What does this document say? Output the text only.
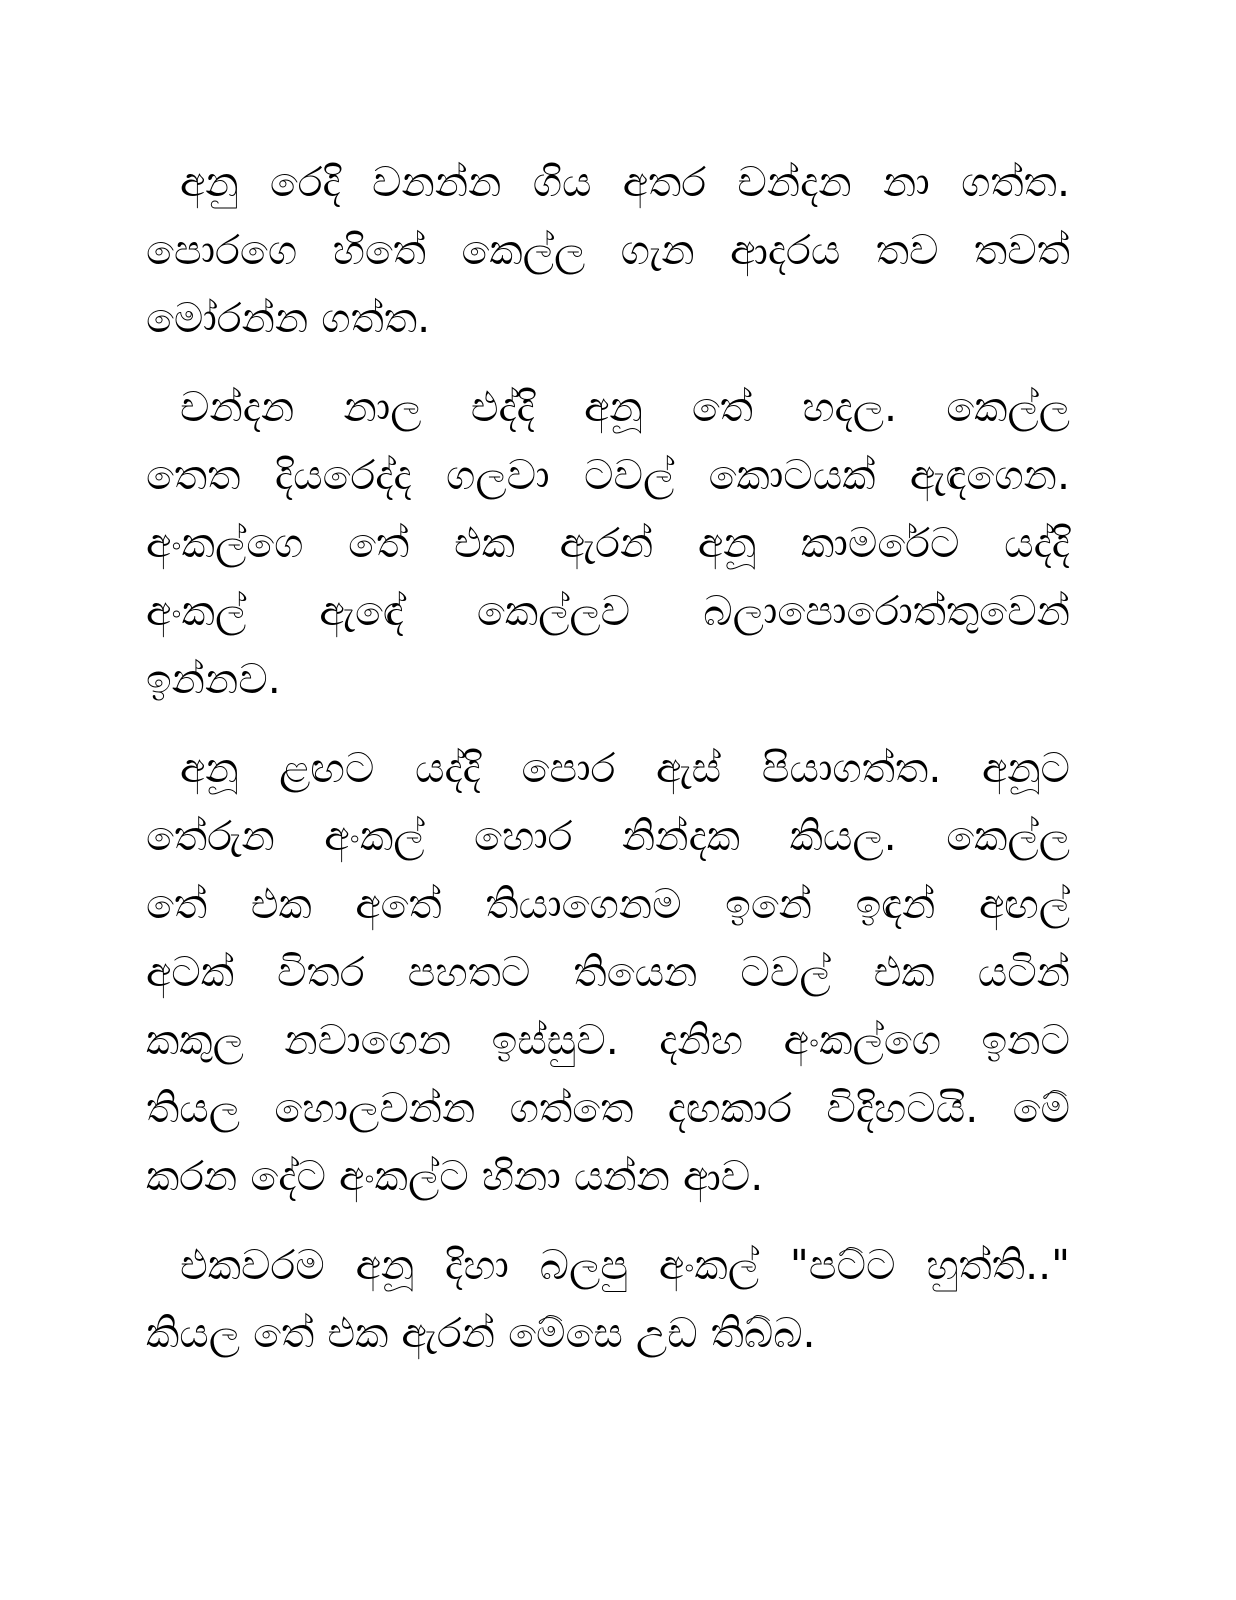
අනු රෙදි වනන්න ගිය අතර චන්දන නා ගත්ත.
පොරගෙ හිතේ කෙල්ල ගැන ආදරය තව තවත්
මෝරන්න ගත්ත.
චන්දන නාල එද්දි අනූ තේ හදල. කෙල්ල
තෙත දියරෙද්ද ගලවා ටවල් කොටයක් ඇඳගෙන.
අංකල්ගෙ තේ එක ඇරන් අනූ කාමරේට යද්දි
අංකල් ඇඳේ කෙල්ලව බලාපොරොත්තුවෙන්
ඉන්නව.
අනූ ළඟට යද්දි පොර ඇස් පියාගත්ත. අනූට
තේරුන අංකල් හොර නින්දක කියල. කෙල්ල
තේ එක අතේ තියාගෙනම ඉනේ ඉඳන් අඟල්
අටක් විතර පහතට තියෙන ටවල් එක යටින්
කකුල නවාගෙන ඉස්සුව. දනිහ අංකල්ගෙ ඉනට
තියල හොලවන්න ගත්තෙ දඟකාර විදිහටයි. මේ
කරන දේට අංකල්ට හිනා යන්න ආව.
එකවරම අනූ දිහා බලපු අංකල් "පට්ට හුත්ති.."
කියල තේ එක ඇරන් මේසෙ උඩ තිබ්බ.
